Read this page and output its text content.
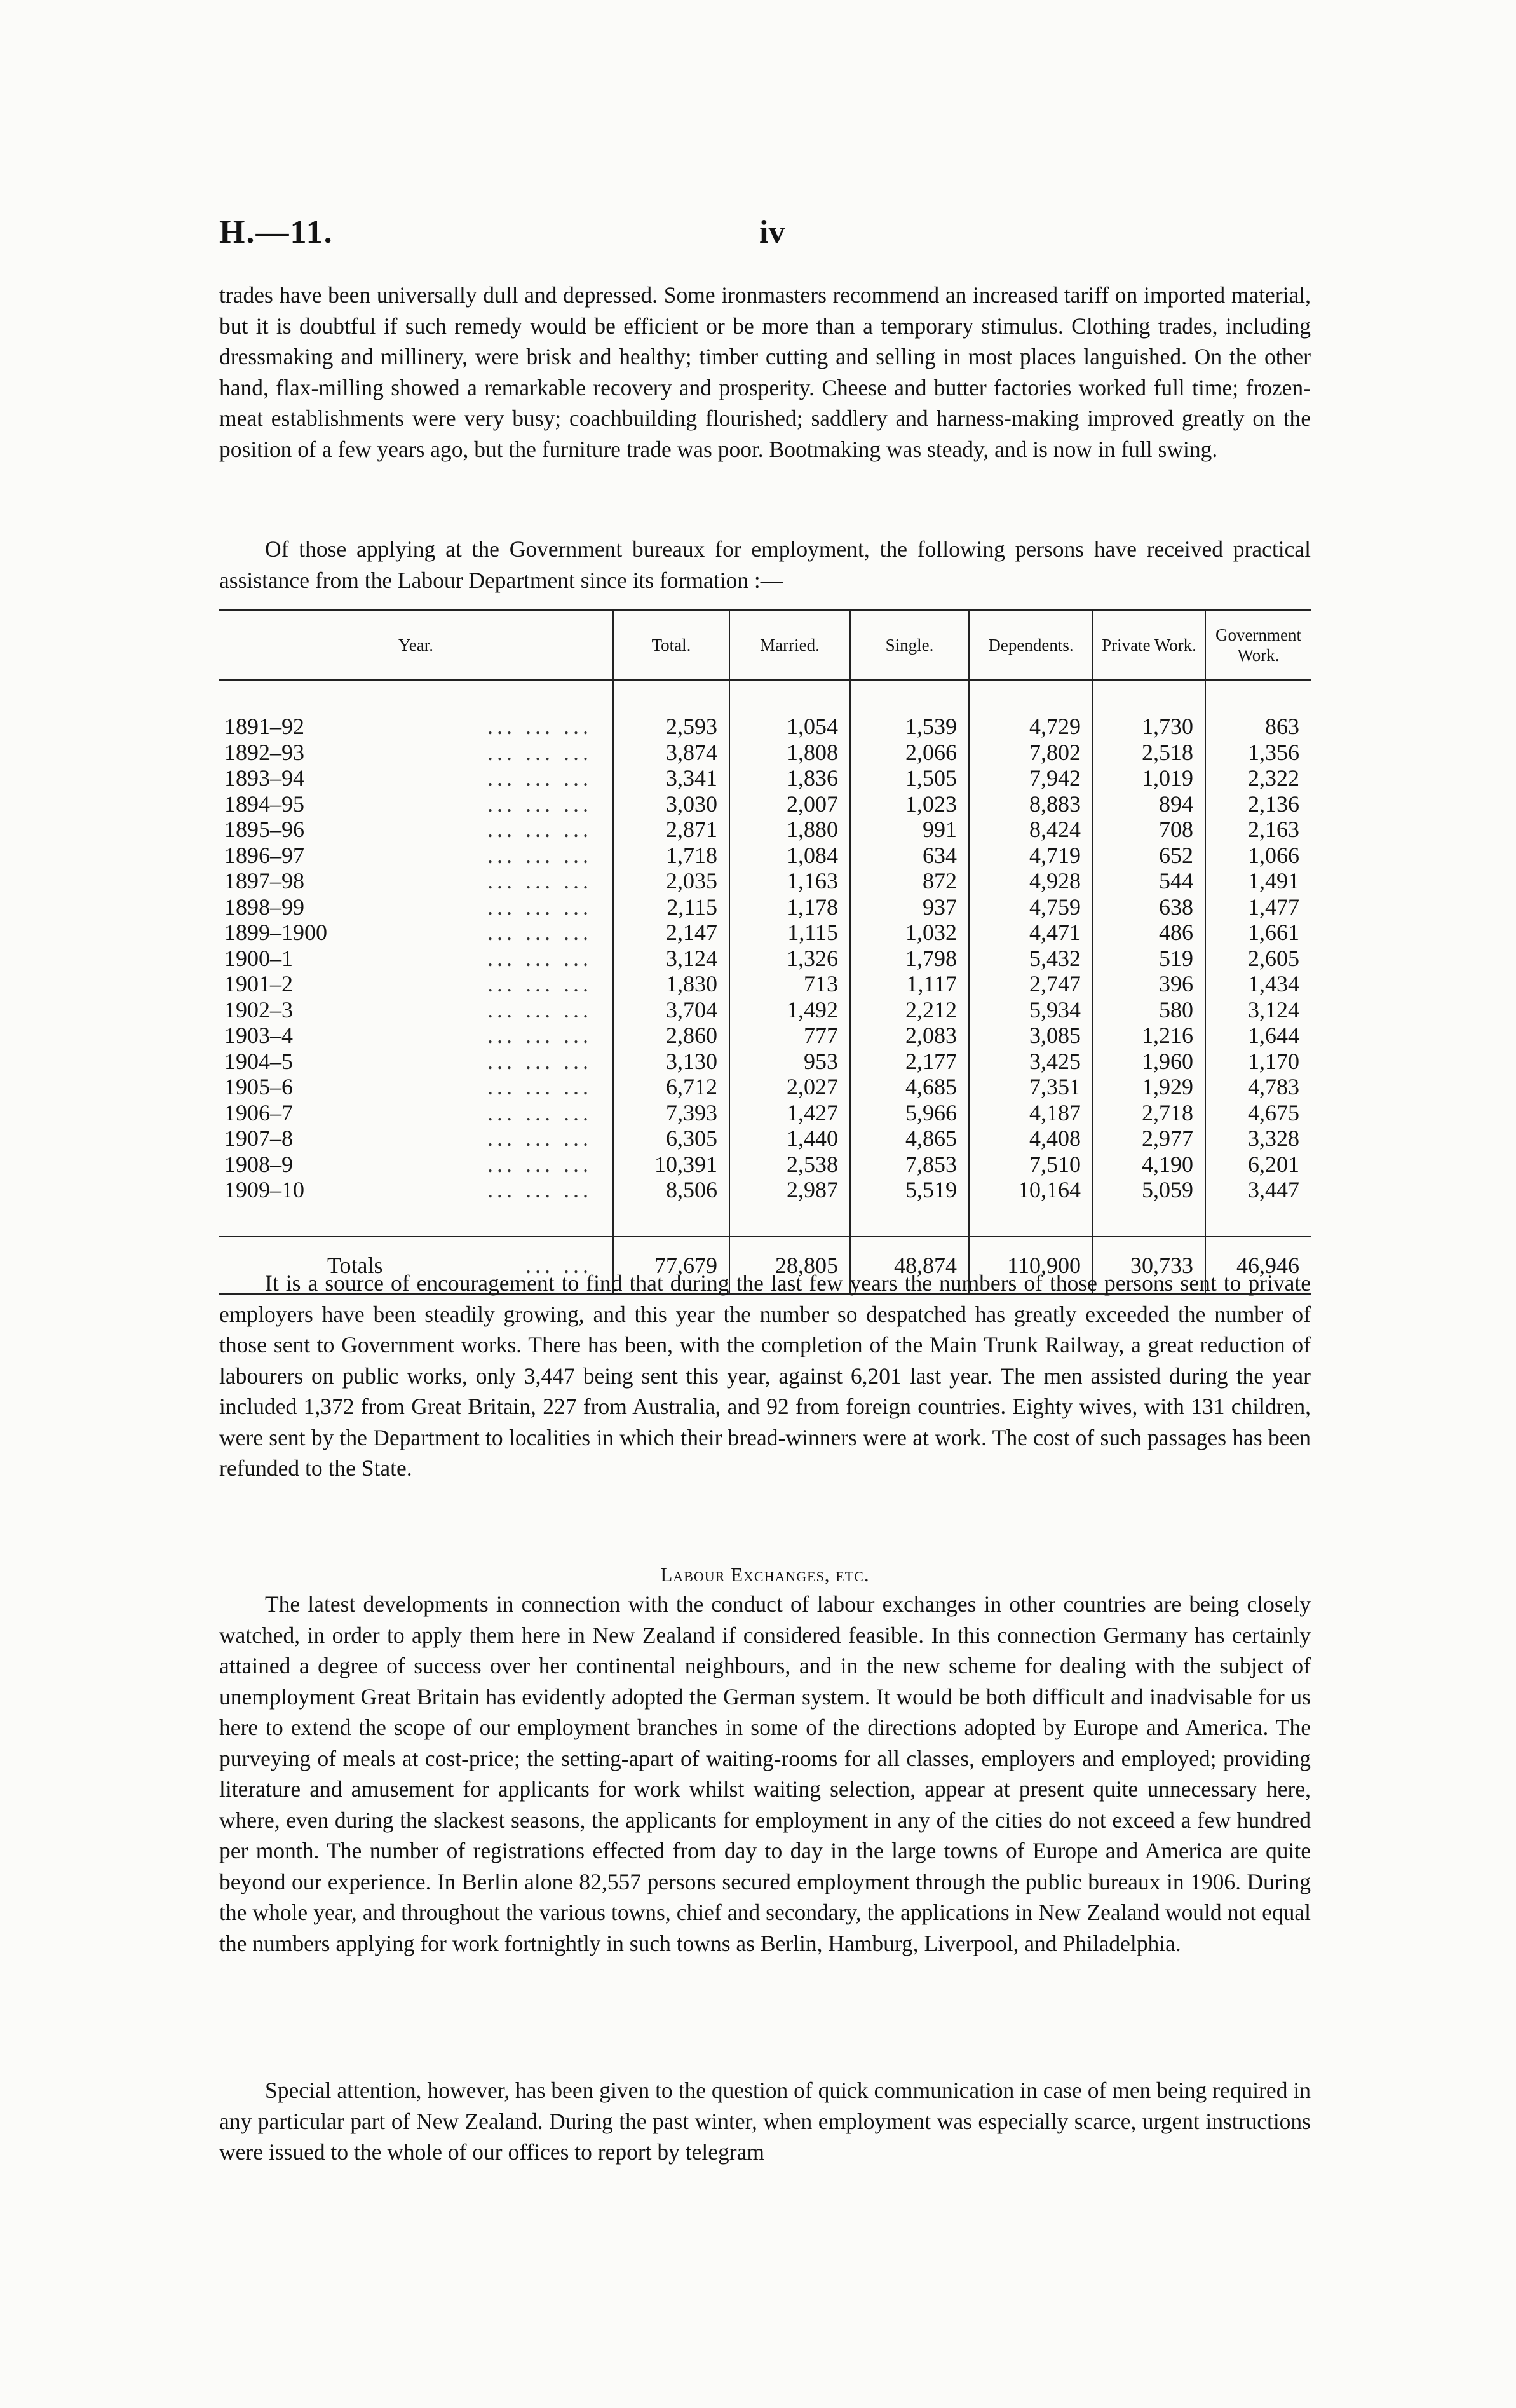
H.—11.	iv

trades have been universally dull and depressed. Some ironmasters recommend an increased tariff on imported material, but it is doubtful if such remedy would be efficient or be more than a temporary stimulus. Clothing trades, including dressmaking and millinery, were brisk and healthy; timber cutting and selling in most places languished. On the other hand, flax-milling showed a remarkable recovery and prosperity. Cheese and butter factories worked full time; frozen-meat establishments were very busy; coachbuilding flourished; saddlery and harness-making improved greatly on the position of a few years ago, but the furniture trade was poor. Bootmaking was steady, and is now in full swing.

Of those applying at the Government bureaux for employment, the following persons have received practical assistance from the Labour Department since its formation :—

Year.	Total.	Married.	Single.	Dependents.	Private Work.	Government Work.

1891–92 ... ... ...	2,593	1,054	1,539	4,729	1,730	863

1892–93 ... ... ...	3,874	1,808	2,066	7,802	2,518	1,356

1893–94 ... ... ...	3,341	1,836	1,505	7,942	1,019	2,322

1894–95 ... ... ...	3,030	2,007	1,023	8,883	894	2,136

1895–96 ... ... ...	2,871	1,880	991	8,424	708	2,163

1896–97 ... ... ...	1,718	1,084	634	4,719	652	1,066

1897–98 ... ... ...	2,035	1,163	872	4,928	544	1,491

1898–99 ... ... ...	2,115	1,178	937	4,759	638	1,477

1899–1900 ... ... ...	2,147	1,115	1,032	4,471	486	1,661

1900–1 ... ... ...	3,124	1,326	1,798	5,432	519	2,605

1901–2 ... ... ...	1,830	713	1,117	2,747	396	1,434

1902–3 ... ... ...	3,704	1,492	2,212	5,934	580	3,124

1903–4 ... ... ...	2,860	777	2,083	3,085	1,216	1,644

1904–5 ... ... ...	3,130	953	2,177	3,425	1,960	1,170

1905–6 ... ... ...	6,712	2,027	4,685	7,351	1,929	4,783

1906–7 ... ... ...	7,393	1,427	5,966	4,187	2,718	4,675

1907–8 ... ... ...	6,305	1,440	4,865	4,408	2,977	3,328

1908–9 ... ... ...	10,391	2,538	7,853	7,510	4,190	6,201

1909–10 ... ... ...	8,506	2,987	5,519	10,164	5,059	3,447

Totals ... ...	77,679	28,805	48,874	110,900	30,733	46,946

It is a source of encouragement to find that during the last few years the numbers of those persons sent to private employers have been steadily growing, and this year the number so despatched has greatly exceeded the number of those sent to Government works. There has been, with the completion of the Main Trunk Railway, a great reduction of labourers on public works, only 3,447 being sent this year, against 6,201 last year. The men assisted during the year included 1,372 from Great Britain, 227 from Australia, and 92 from foreign countries. Eighty wives, with 131 children, were sent by the Department to localities in which their bread-winners were at work. The cost of such passages has been refunded to the State.

Labour Exchanges, etc.

The latest developments in connection with the conduct of labour exchanges in other countries are being closely watched, in order to apply them here in New Zealand if considered feasible. In this connection Germany has certainly attained a degree of success over her continental neighbours, and in the new scheme for dealing with the subject of unemployment Great Britain has evidently adopted the German system. It would be both difficult and inadvisable for us here to extend the scope of our employment branches in some of the directions adopted by Europe and America. The purveying of meals at cost-price; the setting-apart of waiting-rooms for all classes, employers and employed; providing literature and amusement for applicants for work whilst waiting selection, appear at present quite unnecessary here, where, even during the slackest seasons, the applicants for employment in any of the cities do not exceed a few hundred per month. The number of registrations effected from day to day in the large towns of Europe and America are quite beyond our experience. In Berlin alone 82,557 persons secured employment through the public bureaux in 1906. During the whole year, and throughout the various towns, chief and secondary, the applications in New Zealand would not equal the numbers applying for work fortnightly in such towns as Berlin, Hamburg, Liverpool, and Philadelphia.

Special attention, however, has been given to the question of quick communication in case of men being required in any particular part of New Zealand. During the past winter, when employment was especially scarce, urgent instructions were issued to the whole of our offices to report by telegram
